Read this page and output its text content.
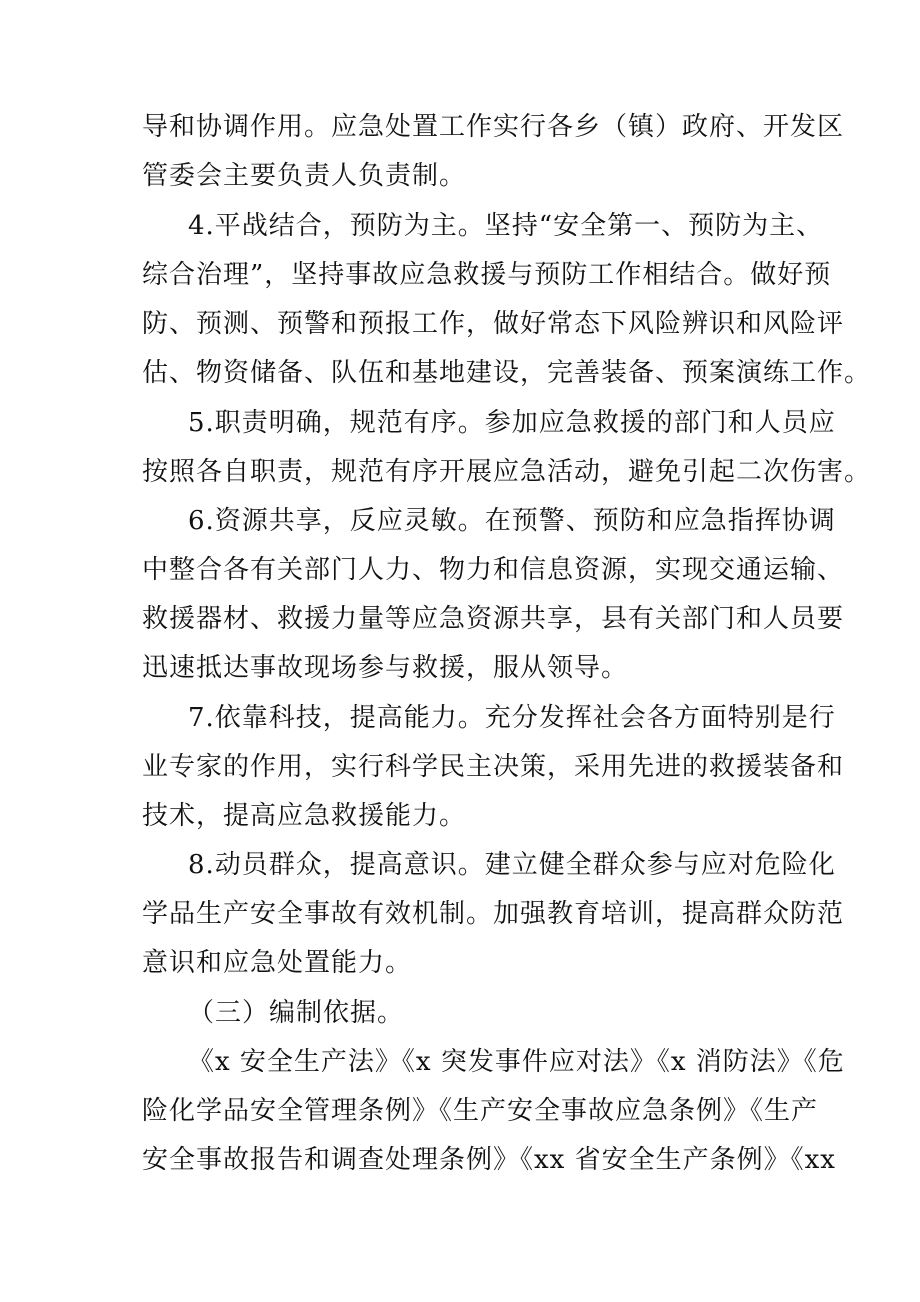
导和协调作用。应急处置工作实行各乡（镇）政府、开发区
管委会主要负责人负责制。
4.平战结合，预防为主。坚持“安全第一、预防为主、
综合治理”，坚持事故应急救援与预防工作相结合。做好预
防、预测、预警和预报工作，做好常态下风险辨识和风险评
估、物资储备、队伍和基地建设，完善装备、预案演练工作。
5.职责明确，规范有序。参加应急救援的部门和人员应
按照各自职责，规范有序开展应急活动，避免引起二次伤害。
6.资源共享，反应灵敏。在预警、预防和应急指挥协调
中整合各有关部门人力、物力和信息资源，实现交通运输、
救援器材、救援力量等应急资源共享，县有关部门和人员要
迅速抵达事故现场参与救援，服从领导。
7.依靠科技，提高能力。充分发挥社会各方面特别是行
业专家的作用，实行科学民主决策，采用先进的救援装备和
技术，提高应急救援能力。
8.动员群众，提高意识。建立健全群众参与应对危险化
学品生产安全事故有效机制。加强教育培训，提高群众防范
意识和应急处置能力。
（三）编制依据。
《x 安全生产法》《x 突发事件应对法》《x 消防法》《危
险化学品安全管理条例》《生产安全事故应急条例》《生产
安全事故报告和调查处理条例》《xx 省安全生产条例》《xx
